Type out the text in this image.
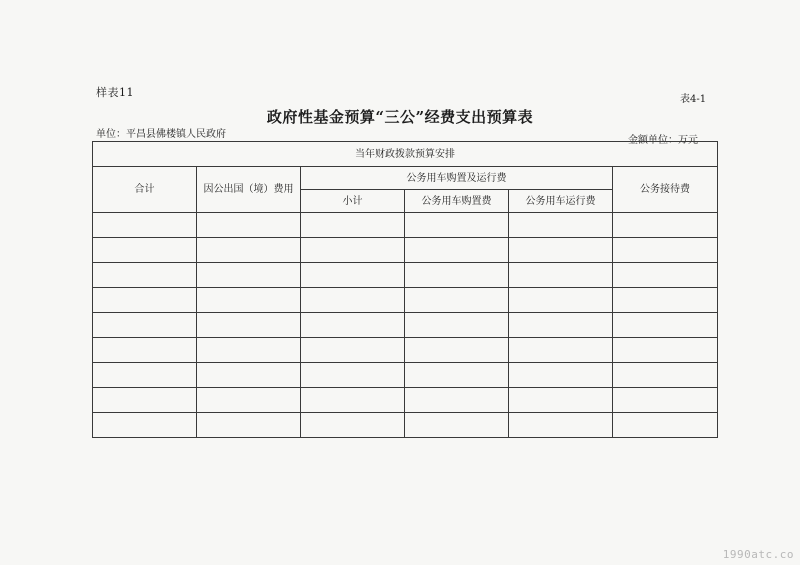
样表11
表4-1
政府性基金预算“三公”经费支出预算表
单位：平昌县佛楼镇人民政府
金额单位：万元
当年财政拨款预算安排					
合计	因公出国（境）费用	公务用车购置及运行费			公务接待费
		小计	公务用车购置费	公务用车运行费	

1990atc.co
